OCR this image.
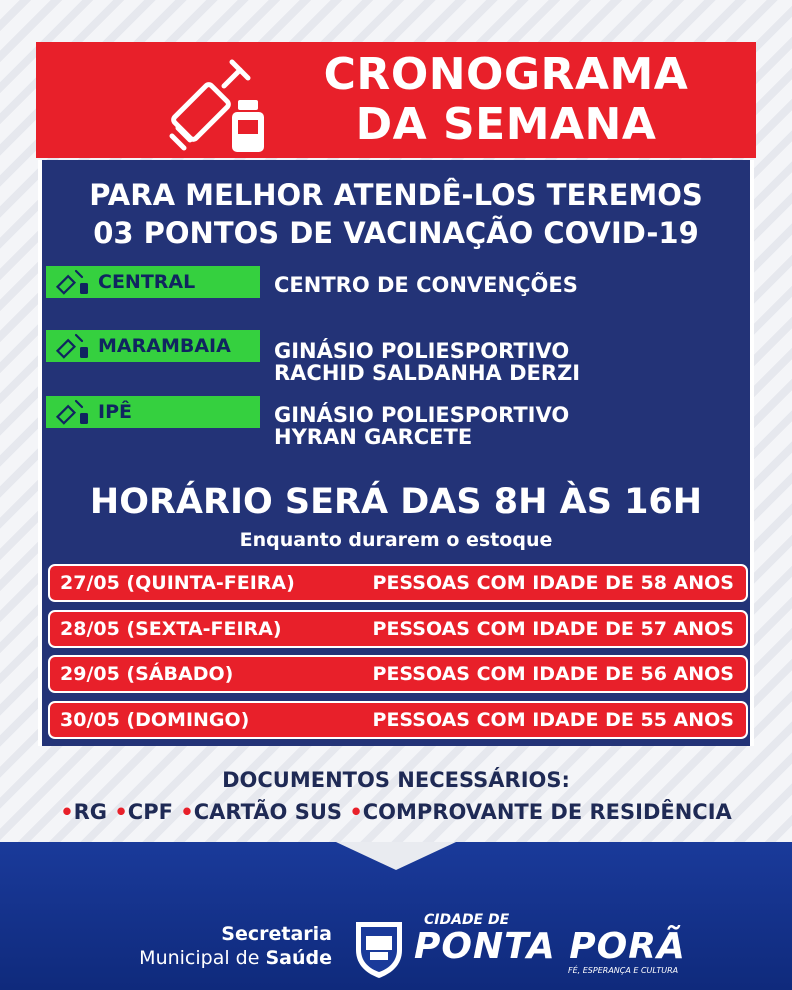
CRONOGRAMA
DA SEMANA
PARA MELHOR ATENDÊ-LOS TEREMOS
03 PONTOS DE VACINAÇÃO COVID-19
CENTRAL	CENTRO DE CONVENÇÕES
MARAMBAIA	GINÁSIO POLIESPORTIVO
RACHID SALDANHA DERZI
IPÊ	GINÁSIO POLIESPORTIVO
HYRAN GARCETE
HORÁRIO SERÁ DAS 8H ÀS 16H
Enquanto durarem o estoque
27/05 (QUINTA-FEIRA)	PESSOAS COM IDADE DE 58 ANOS
28/05 (SEXTA-FEIRA)	PESSOAS COM IDADE DE 57 ANOS
29/05 (SÁBADO)	PESSOAS COM IDADE DE 56 ANOS
30/05 (DOMINGO)	PESSOAS COM IDADE DE 55 ANOS
DOCUMENTOS NECESSÁRIOS:
•RG •CPF •CARTÃO SUS •COMPROVANTE DE RESIDÊNCIA
Secretaria
Municipal de Saúde
CIDADE DE
PONTA PORÃ
FÉ, ESPERANÇA E CULTURA
